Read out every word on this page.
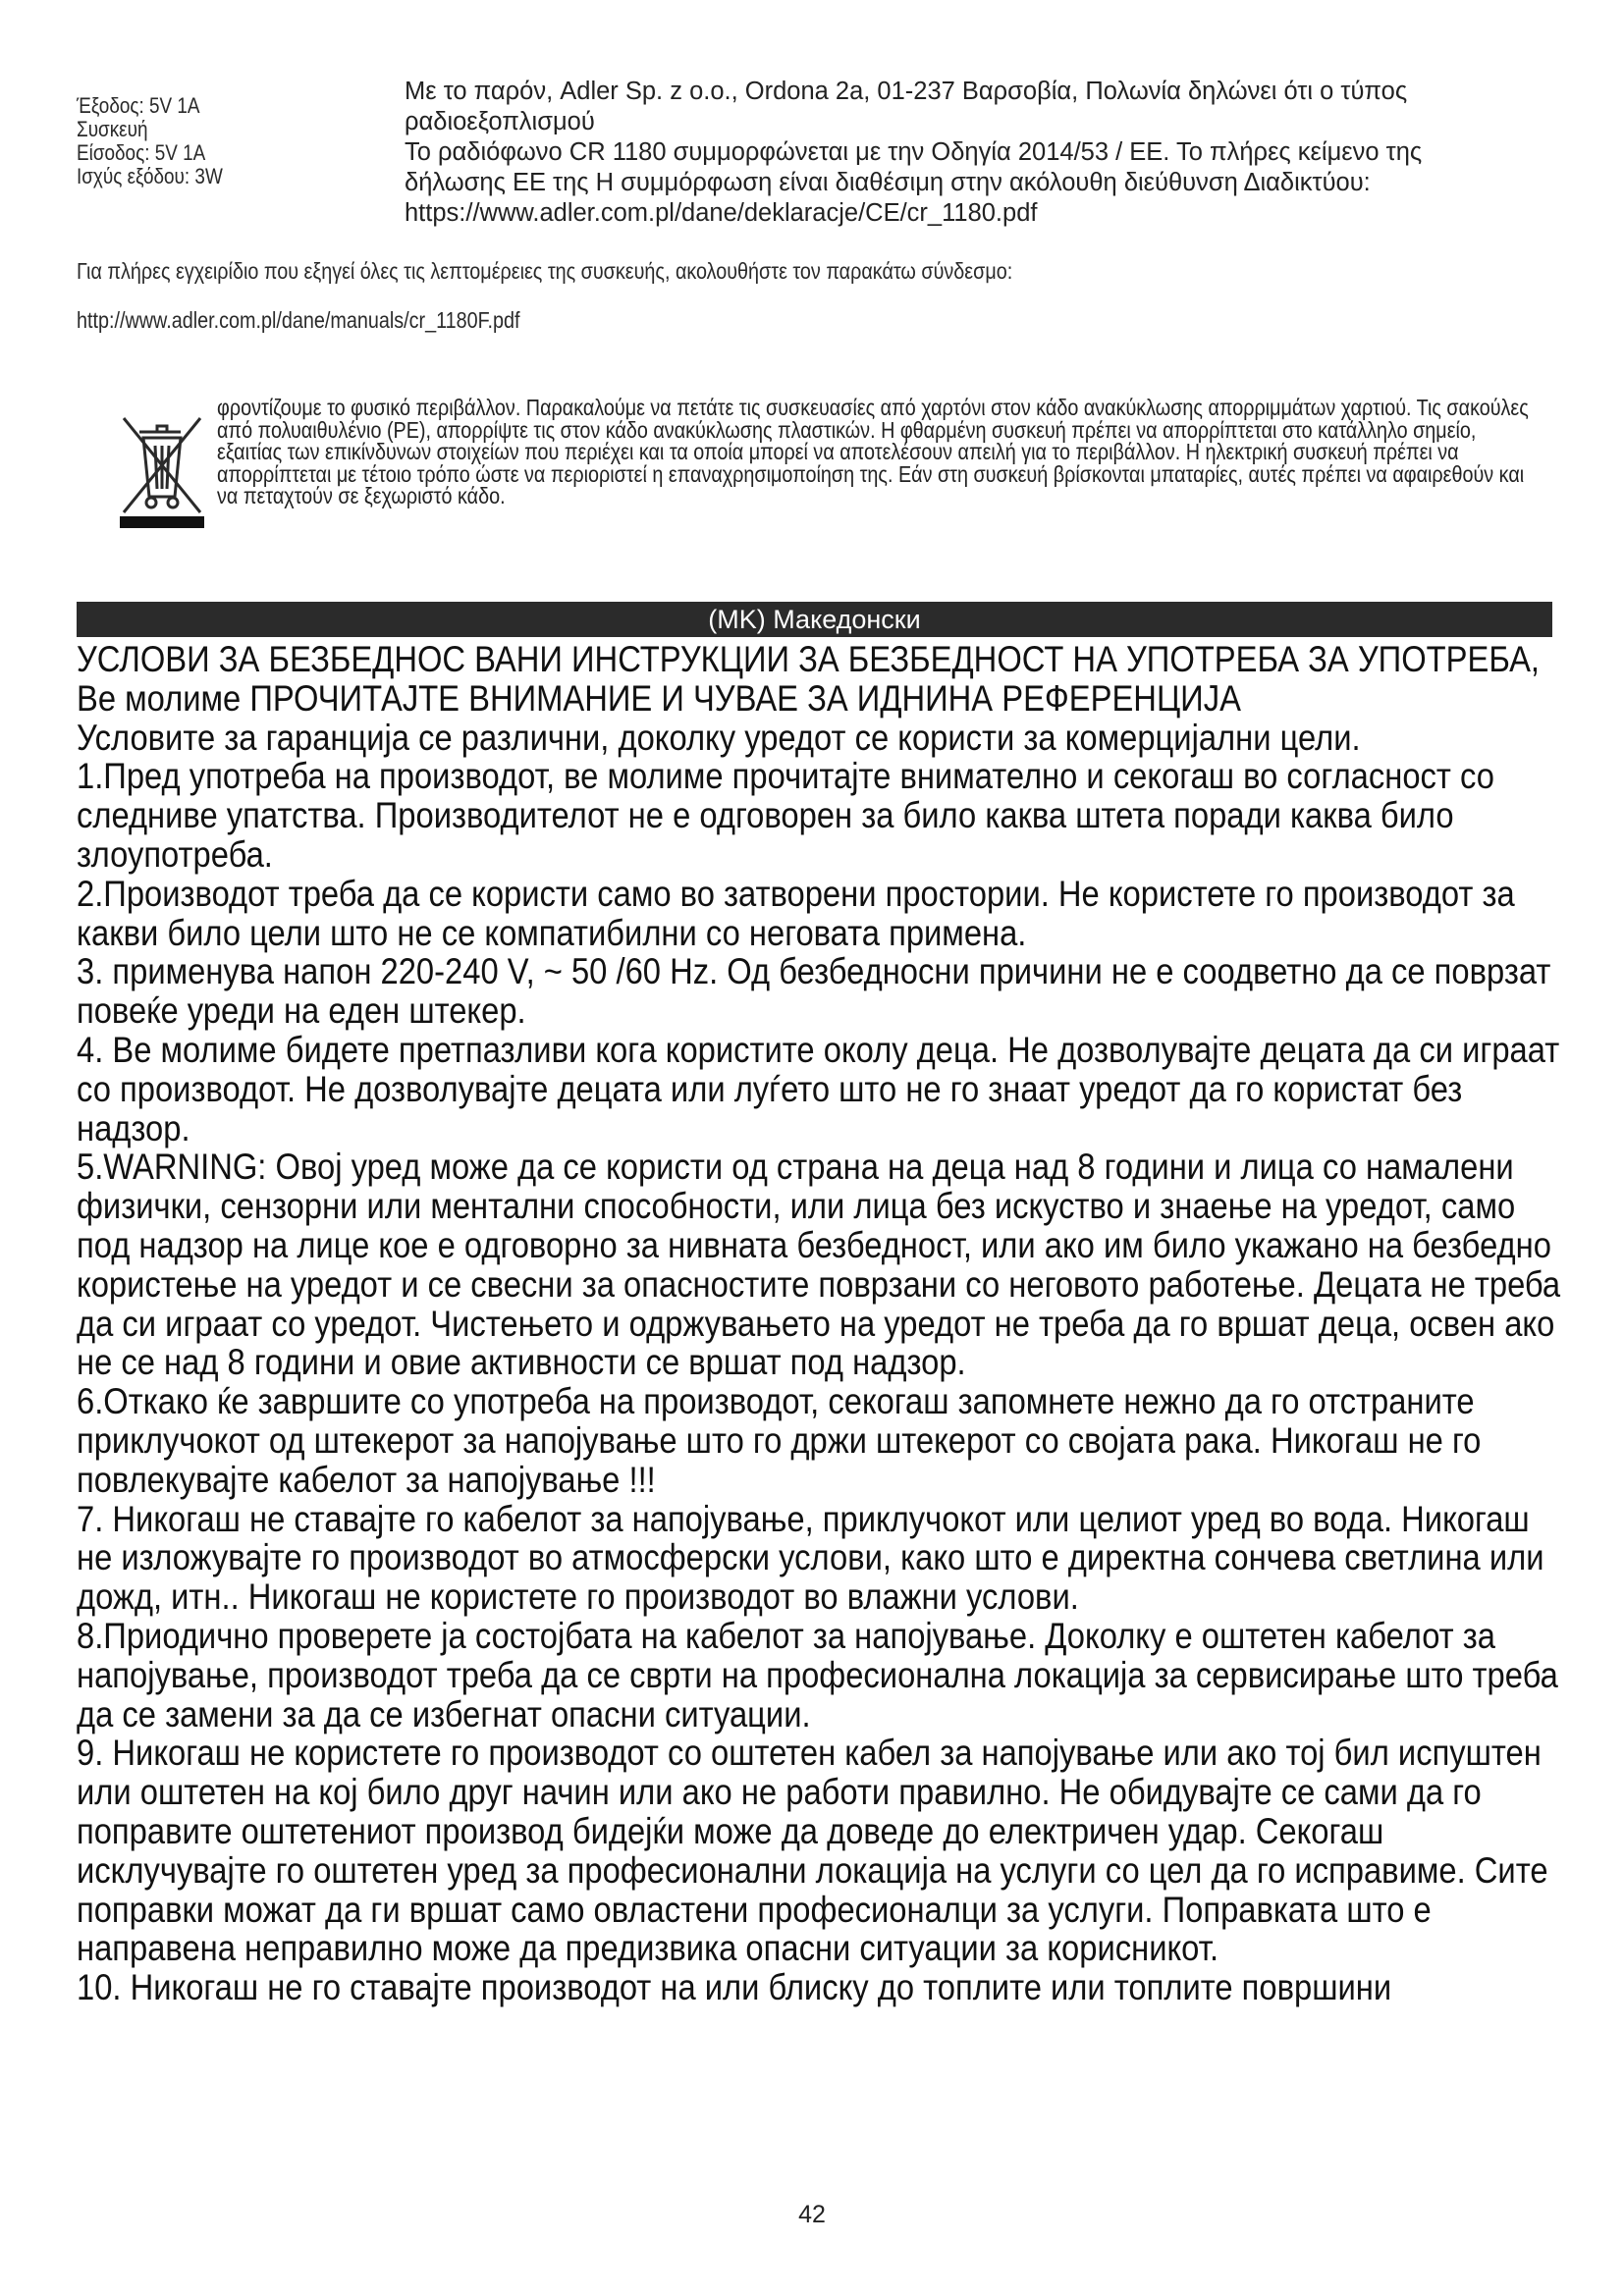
Έξοδος: 5V 1A
Συσκευή
Είσοδος: 5V 1A
Ισχύς εξόδου: 3W

Με το παρόν, Adler Sp. z o.o., Ordona 2a, 01-237 Βαρσοβία, Πολωνία δηλώνει ότι ο τύπος ραδιοεξοπλισμού

Το ραδιόφωνο CR 1180 συμμορφώνεται με την Οδηγία 2014/53 / ΕΕ. Το πλήρες κείμενο της δήλωσης ΕΕ της Η συμμόρφωση είναι διαθέσιμη στην ακόλουθη διεύθυνση Διαδικτύου: https://www.adler.com.pl/dane/deklaracje/CE/cr_1180.pdf

Για πλήρες εγχειρίδιο που εξηγεί όλες τις λεπτομέρειες της συσκευής, ακολουθήστε τον παρακάτω σύνδεσμο:
http://www.adler.com.pl/dane/manuals/cr_1180F.pdf
φροντίζουμε το φυσικό περιβάλλον. Παρακαλούμε να πετάτε τις συσκευασίες από χαρτόνι στον κάδο ανακύκλωσης απορριμμάτων χαρτιού. Τις σακούλες από πολυαιθυλένιο (PE), απορρίψτε τις στον κάδο ανακύκλωσης πλαστικών. Η φθαρμένη συσκευή πρέπει να απορρίπτεται στο κατάλληλο σημείο, εξαιτίας των επικίνδυνων στοιχείων που περιέχει και τα οποία μπορεί να αποτελέσουν απειλή για το περιβάλλον. Η ηλεκτρική συσκευή πρέπει να απορρίπτεται με τέτοιο τρόπο ώστε να περιοριστεί η επαναχρησιμοποίηση της. Εάν στη συσκευή βρίσκονται μπαταρίες, αυτές πρέπει να αφαιρεθούν και να πεταχτούν σε ξεχωριστό κάδο.
(MK) Македонски

УСЛОВИ ЗА БЕЗБЕДНОС ВАНИ ИНСТРУКЦИИ ЗА БЕЗБЕДНОСТ НА УПОТРЕБА ЗА УПОТРЕБА, Ве молиме ПРОЧИТАЈТЕ ВНИМАНИЕ И ЧУВАЕ ЗА ИДНИНА РЕФЕРЕНЦИЈА

Условите за гаранција се различни, доколку уредот се користи за комерцијални цели.

1.Пред употреба на производот, ве молиме прочитајте внимателно и секогаш во согласност со следниве упатства. Производителот не е одговорен за било каква штета поради каква било злоупотреба.

2.Производот треба да се користи само во затворени простории. Не користете го производот за какви било цели што не се компатибилни со неговата примена.

3. применува напон 220-240 V, ~ 50 /60 Hz. Од безбедносни причини не е соодветно да се поврзат повеќе уреди на еден штекер.

4. Ве молиме бидете претпазливи кога користите околу деца. Не дозволувајте децата да си играат со производот. Не дозволувајте децата или луѓето што не го знаат уредот да го користат без надзор.

5.WARNING: Овој уред може да се користи од страна на деца над 8 години и лица со намалени физички, сензорни или ментални способности, или лица без искуство и знаење на уредот, само под надзор на лице кое е одговорно за нивната безбедност, или ако им било укажано на безбедно користење на уредот и се свесни за опасностите поврзани со неговото работење. Децата не треба да си играат со уредот. Чистењето и одржувањето на уредот не треба да го вршат деца, освен ако не се над 8 години и овие активности се вршат под надзор.

6.Откако ќе завршите со употреба на производот, секогаш запомнете нежно да го отстраните приклучокот од штекерот за напојување што го држи штекерот со својата рака. Никогаш не го повлекувајте кабелот за напојување !!!

7. Никогаш не ставајте го кабелот за напојување, приклучокот или целиот уред во вода. Никогаш не изложувајте го производот во атмосферски услови, како што е директна сончева светлина или дожд, итн.. Никогаш не користете го производот во влажни услови.

8.Приодично проверете ја состојбата на кабелот за напојување. Доколку е оштетен кабелот за напојување, производот треба да се сврти на професионална локација за сервисирање што треба да се замени за да се избегнат опасни ситуации.

9. Никогаш не користете го производот со оштетен кабел за напојување или ако тој бил испуштен или оштетен на кој било друг начин или ако не работи правилно. Не обидувајте се сами да го поправите оштетениот производ бидејќи може да доведе до електричен удар. Секогаш исклучувајте го оштетен уред за професионални локација на услуги со цел да го исправиме. Сите поправки можат да ги вршат само овластени професионалци за услуги. Поправката што е направена неправилно може да предизвика опасни ситуации за корисникот.

10. Никогаш не го ставајте производот на или блиску до топлите или топлите површини

42
